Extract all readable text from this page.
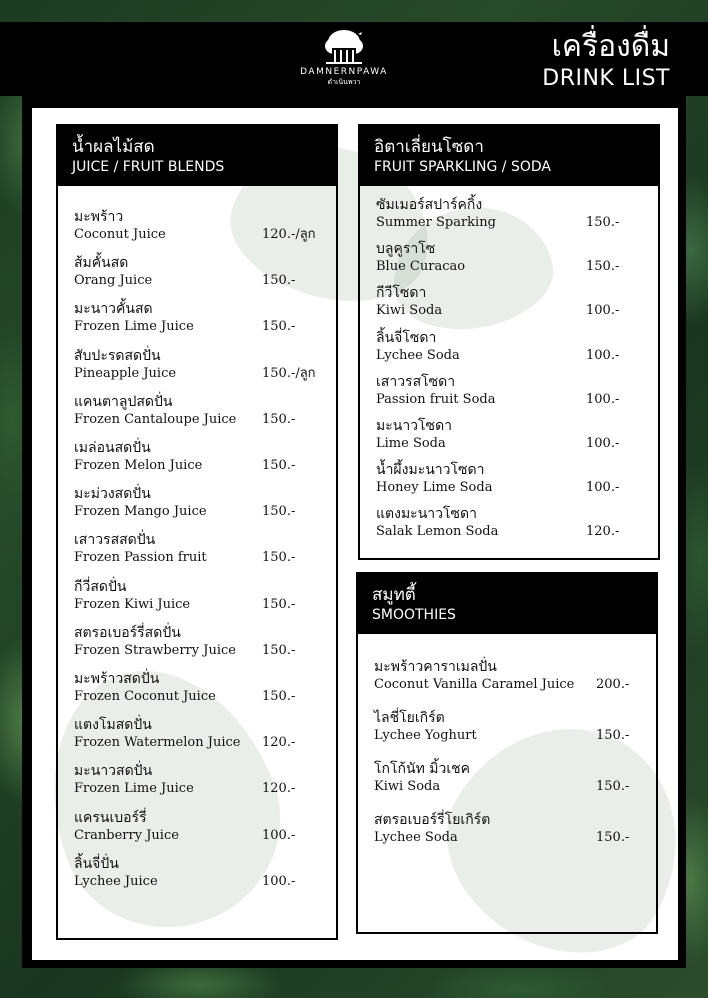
DAMNERNPAWA
ดำเนินพวา
เครื่องดื่ม
DRINK LIST
น้ำผลไม้สด
JUICE / FRUIT BLENDS
มะพร้าว
Coconut Juice	120.-/ลูก
ส้มคั้นสด
Orang Juice	150.-
มะนาวคั้นสด
Frozen Lime Juice	150.-
สับปะรดสดปั่น
Pineapple Juice	150.-/ลูก
แคนตาลูปสดปั่น
Frozen Cantaloupe Juice	150.-
เมล่อนสดปั่น
Frozen Melon Juice	150.-
มะม่วงสดปั่น
Frozen Mango Juice	150.-
เสาวรสสดปั่น
Frozen Passion fruit	150.-
กีวี่สดปั่น
Frozen Kiwi Juice	150.-
สตรอเบอร์รี่สดปั่น
Frozen Strawberry Juice	150.-
มะพร้าวสดปั่น
Frozen Coconut Juice	150.-
แตงโมสดปั่น
Frozen Watermelon Juice	120.-
มะนาวสดปั่น
Frozen Lime Juice	120.-
แครนเบอร์รี่
Cranberry Juice	100.-
ลิ้นจี่ปั่น
Lychee Juice	100.-
อิตาเลี่ยนโซดา
FRUIT SPARKLING / SODA
ซัมเมอร์สปาร์คกิ้ง
Summer Sparking	150.-
บลูคูราโซ
Blue Curacao	150.-
กีวีโซดา
Kiwi Soda	100.-
ลิ้นจี่โซดา
Lychee Soda	100.-
เสาวรสโซดา
Passion fruit Soda	100.-
มะนาวโซดา
Lime Soda	100.-
น้ำผึ้งมะนาวโซดา
Honey Lime Soda	100.-
แตงมะนาวโซดา
Salak Lemon Soda	120.-
สมูทตี้
SMOOTHIES
มะพร้าวคาราเมลปั่น
Coconut Vanilla Caramel Juice	200.-
ไลชี่โยเกิร์ต
Lychee Yoghurt	150.-
โกโก้นัท มิ้วเชค
Kiwi Soda	150.-
สตรอเบอร์รี่โยเกิร์ต
Lychee Soda	150.-
